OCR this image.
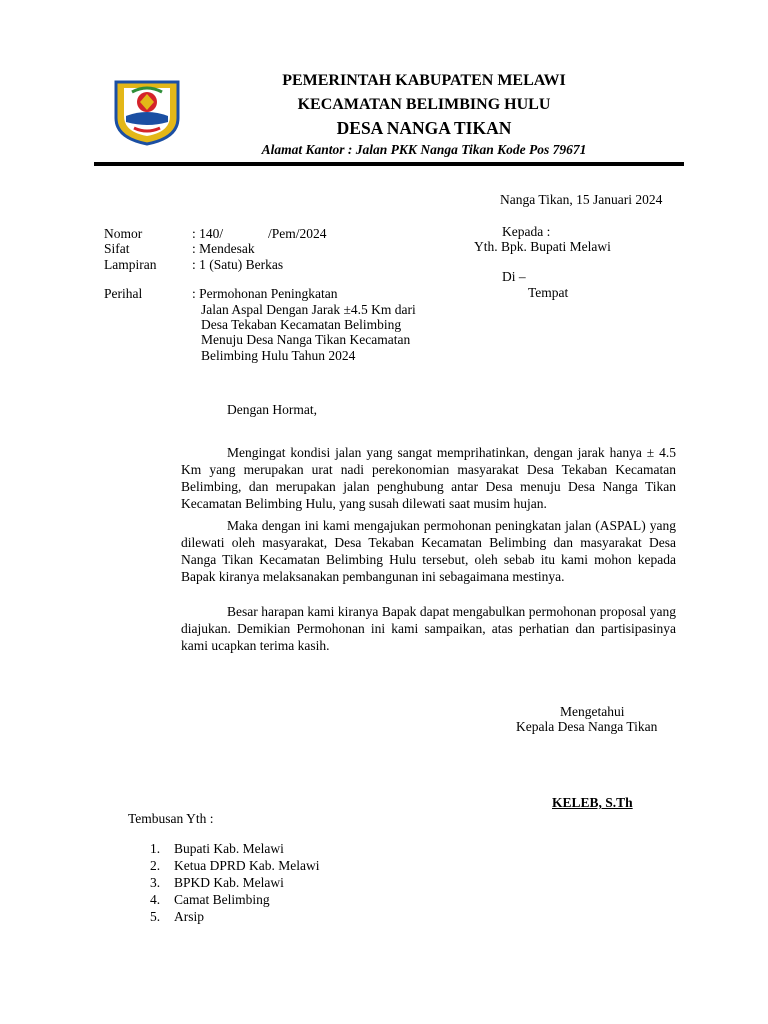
PEMERINTAH KABUPATEN MELAWI
KECAMATAN BELIMBING HULU
DESA NANGA TIKAN
Alamat Kantor : Jalan PKK Nanga Tikan Kode Pos 79671
Nanga Tikan, 15 Januari 2024
Nomor	: 140/	/Pem/2024
Sifat	: Mendesak
Lampiran	: 1 (Satu) Berkas
Perihal	: Permohonan Peningkatan
Jalan Aspal Dengan Jarak ±4.5 Km dari
Desa Tekaban Kecamatan Belimbing
Menuju Desa Nanga Tikan Kecamatan
Belimbing Hulu Tahun 2024
Kepada :
Yth. Bpk. Bupati Melawi
Di –
Tempat
Dengan Hormat,

Mengingat kondisi jalan yang sangat memprihatinkan, dengan jarak hanya ± 4.5 Km yang merupakan urat nadi perekonomian masyarakat Desa Tekaban Kecamatan Belimbing, dan merupakan jalan penghubung antar Desa menuju Desa Nanga Tikan Kecamatan Belimbing Hulu, yang susah dilewati saat musim hujan.

Maka dengan ini kami mengajukan permohonan peningkatan jalan (ASPAL) yang dilewati oleh masyarakat, Desa Tekaban Kecamatan Belimbing dan masyarakat Desa Nanga Tikan Kecamatan Belimbing Hulu tersebut, oleh sebab itu kami mohon kepada Bapak kiranya melaksanakan pembangunan ini sebagaimana mestinya.

Besar harapan kami kiranya Bapak dapat mengabulkan permohonan proposal yang diajukan. Demikian Permohonan ini kami sampaikan, atas perhatian dan partisipasinya kami ucapkan terima kasih.

Mengetahui
Kepala Desa Nanga Tikan
KELEB, S.Th
Tembusan Yth :
1. Bupati Kab. Melawi
2. Ketua DPRD Kab. Melawi
3. BPKD Kab. Melawi
4. Camat Belimbing
5. Arsip
